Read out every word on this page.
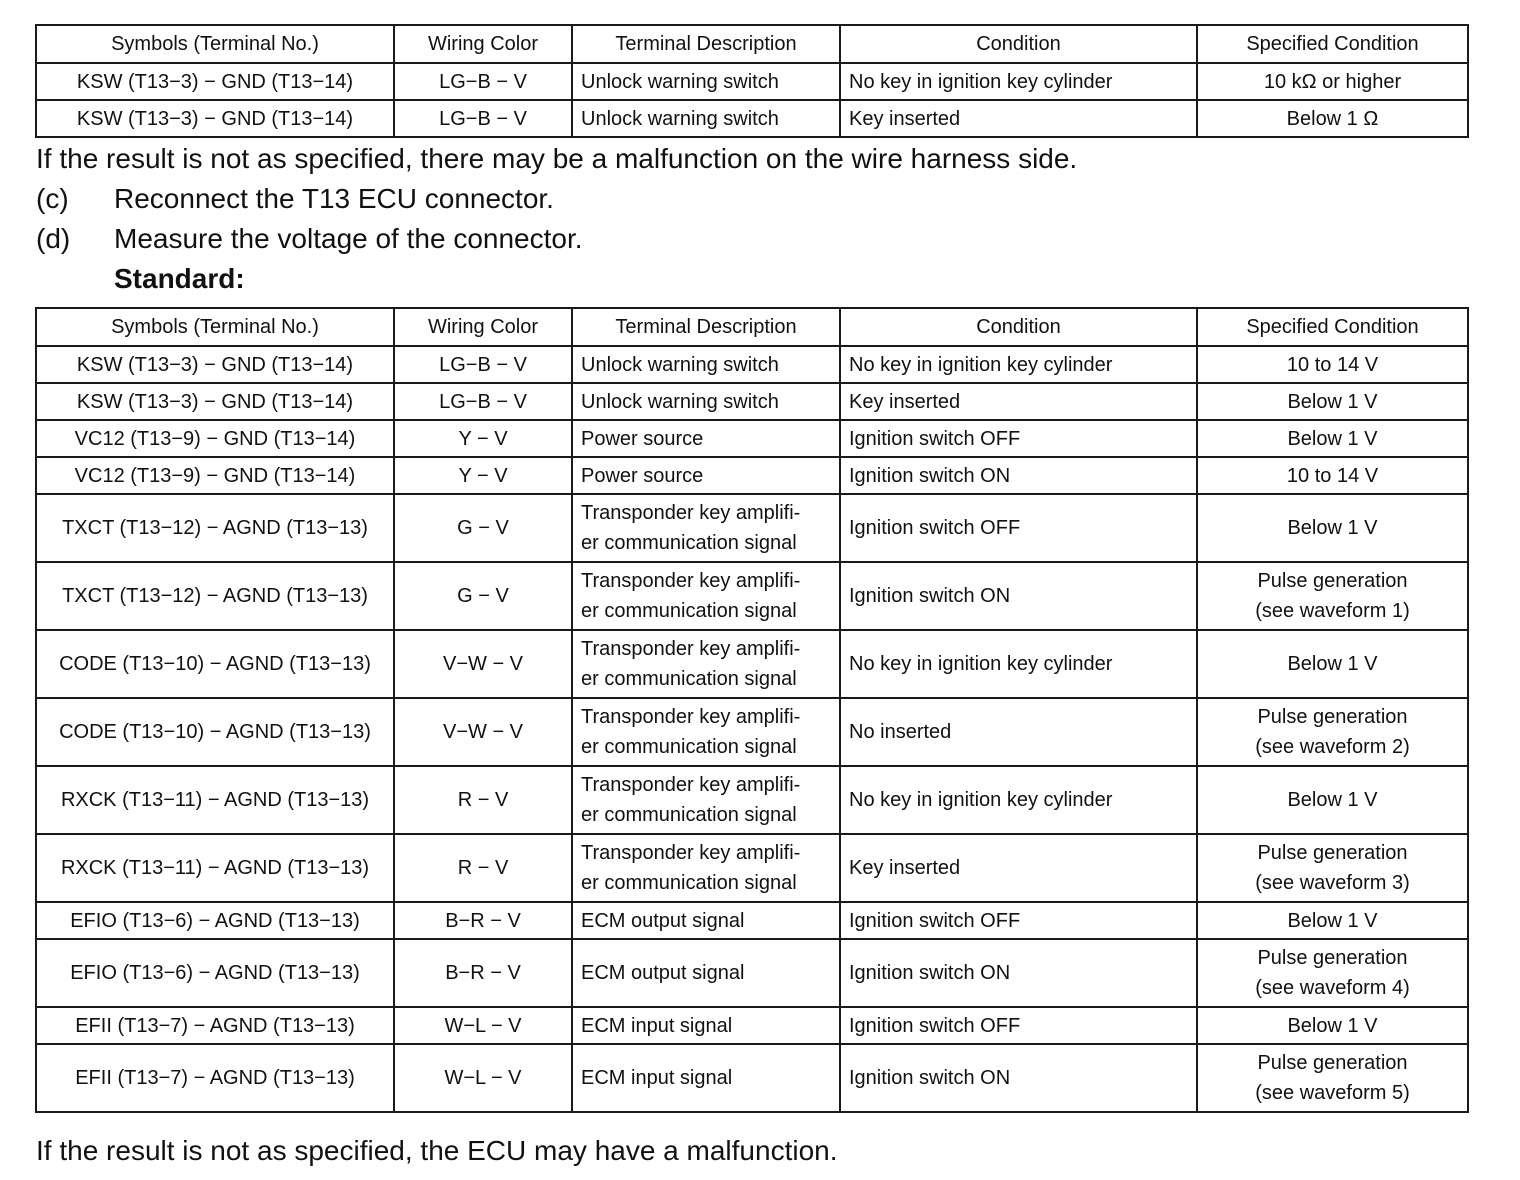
Symbols (Terminal No.)	Wiring Color	Terminal Description	Condition	Specified Condition
KSW (T13−3) − GND (T13−14)	LG−B − V	Unlock warning switch	No key in ignition key cylinder	10 kΩ or higher

KSW (T13−3) − GND (T13−14)	LG−B − V	Unlock warning switch	Key inserted	Below 1 Ω
If the result is not as specified, there may be a malfunction on the wire harness side.
(c) Reconnect the T13 ECU connector.
(d) Measure the voltage of the connector.
Standard:
Symbols (Terminal No.)	Wiring Color	Terminal Description	Condition	Specified Condition
KSW (T13−3) − GND (T13−14)	LG−B − V	Unlock warning switch	No key in ignition key cylinder	10 to 14 V

KSW (T13−3) − GND (T13−14)	LG−B − V	Unlock warning switch	Key inserted	Below 1 V

VC12 (T13−9) − GND (T13−14)	Y − V	Power source	Ignition switch OFF	Below 1 V

VC12 (T13−9) − GND (T13−14)	Y − V	Power source	Ignition switch ON	10 to 14 V

TXCT (T13−12) − AGND (T13−13)	G − V	Transponder key amplifi-
er communication signal	Ignition switch OFF	Below 1 V

TXCT (T13−12) − AGND (T13−13)	G − V	Transponder key amplifi-
er communication signal	Ignition switch ON	Pulse generation
(see waveform 1)

CODE (T13−10) − AGND (T13−13)	V−W − V	Transponder key amplifi-
er communication signal	No key in ignition key cylinder	Below 1 V

CODE (T13−10) − AGND (T13−13)	V−W − V	Transponder key amplifi-
er communication signal	No inserted	Pulse generation
(see waveform 2)

RXCK (T13−11) − AGND (T13−13)	R − V	Transponder key amplifi-
er communication signal	No key in ignition key cylinder	Below 1 V

RXCK (T13−11) − AGND (T13−13)	R − V	Transponder key amplifi-
er communication signal	Key inserted	Pulse generation
(see waveform 3)

EFIO (T13−6) − AGND (T13−13)	B−R − V	ECM output signal	Ignition switch OFF	Below 1 V

EFIO (T13−6) − AGND (T13−13)	B−R − V	ECM output signal	Ignition switch ON	Pulse generation
(see waveform 4)

EFII (T13−7) − AGND (T13−13)	W−L − V	ECM input signal	Ignition switch OFF	Below 1 V

EFII (T13−7) − AGND (T13−13)	W−L − V	ECM input signal	Ignition switch ON	Pulse generation
(see waveform 5)
If the result is not as specified, the ECU may have a malfunction.
